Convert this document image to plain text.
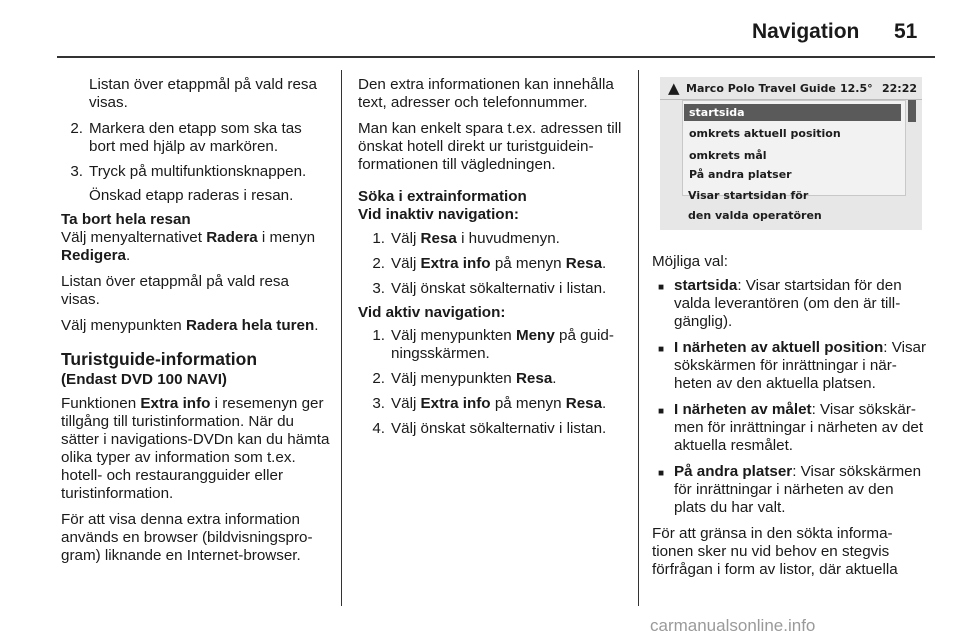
Navigation 51

Listan över etappmål på vald resa visas.

2. Markera den etapp som ska tas bort med hjälp av markören.
3. Tryck på multifunktionsknappen.

Önskad etapp raderas i resan.

Ta bort hela resan

Välj menyalternativet Radera i menyn Redigera.

Listan över etappmål på vald resa visas.

Välj menypunkten Radera hela turen.

Turistguide-information
(Endast DVD 100 NAVI)

Funktionen Extra info i resemenyn ger tillgång till turistinformation. När du sätter i navigations-DVDn kan du hämta olika typer av information som t.ex. hotell- och restaurangguider eller turistinformation.

För att visa denna extra information används en browser (bildvisningsprogram) liknande en Internet-browser.

Den extra informationen kan innehålla text, adresser och telefonnummer.

Man kan enkelt spara t.ex. adressen till önskat hotell direkt ur turistguideinformationen till vägledningen.

Söka i extrainformation
Vid inaktiv navigation:
1. Välj Resa i huvudmenyn.
2. Välj Extra info på menyn Resa.
3. Välj önskat sökalternativ i listan.
Vid aktiv navigation:
1. Välj menypunkten Meny på guidningsskärmen.
2. Välj menypunkten Resa.
3. Välj Extra info på menyn Resa.
4. Välj önskat sökalternativ i listan.
▲ Marco Polo Travel Guide 12.5° 22:22
startsida
omkrets aktuell position
omkrets mål
På andra platser
Visar startsidan för
den valda operatören

Möjliga val:

■ startsida: Visar startsidan för den valda leverantören (om den är tillgänglig).
■ I närheten av aktuell position: Visar sökskärmen för inrättningar i närheten av den aktuella platsen.
■ I närheten av målet: Visar sökskärmen för inrättningar i närheten av det aktuella resmålet.
■ På andra platser: Visar sökskärmen för inrättningar i närheten av den plats du har valt.

För att gränsa in den sökta informationen sker nu vid behov en stegvis förfrågan i form av listor, där aktuella

carmanualsonline.info
